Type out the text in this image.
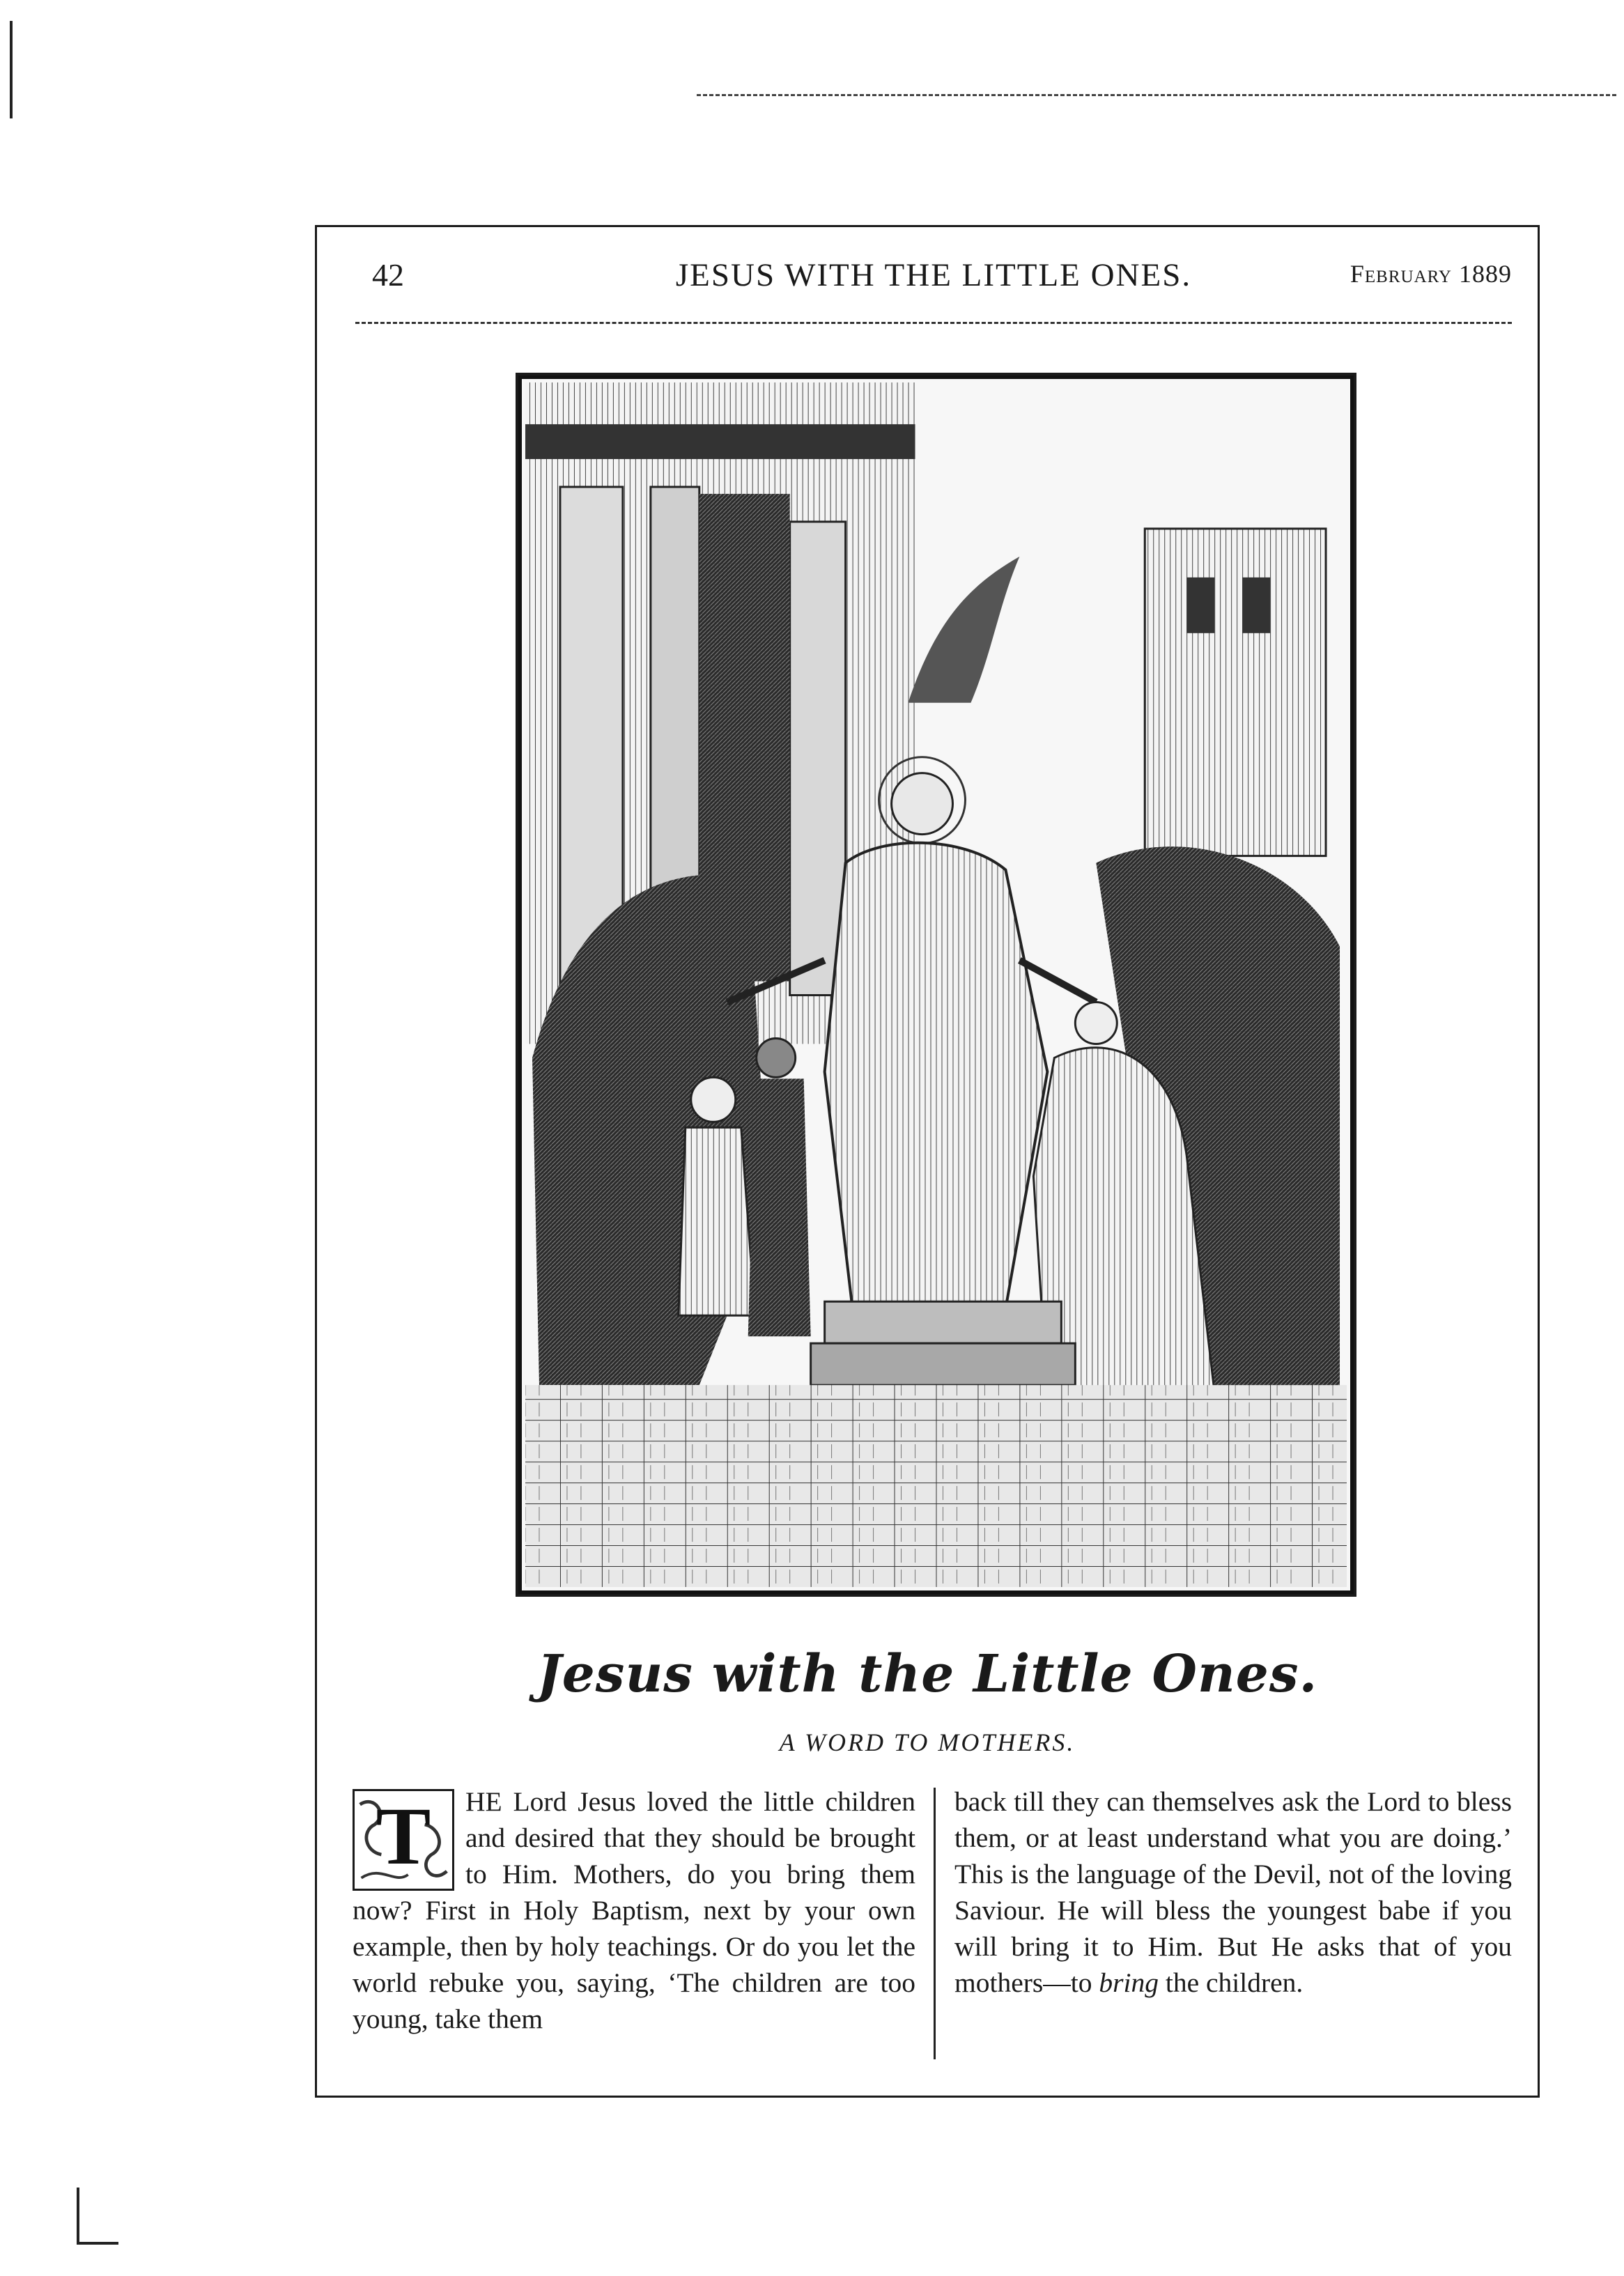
42	JESUS WITH THE LITTLE ONES.	February 1889
Jesus with the Little Ones.
A WORD TO MOTHERS.
T	HE Lord Jesus loved the little children and desired that they should be brought to Him. Mothers, do you bring them now? First in Holy Baptism, next by your own example, then by holy teachings. Or do you let the world rebuke you, saying, ‘The children are too young, take them

back till they can themselves ask the Lord to bless them, or at least understand what you are doing.’ This is the language of the Devil, not of the loving Saviour. He will bless the youngest babe if you will bring it to Him. But He asks that of you mothers—to bring the children.
